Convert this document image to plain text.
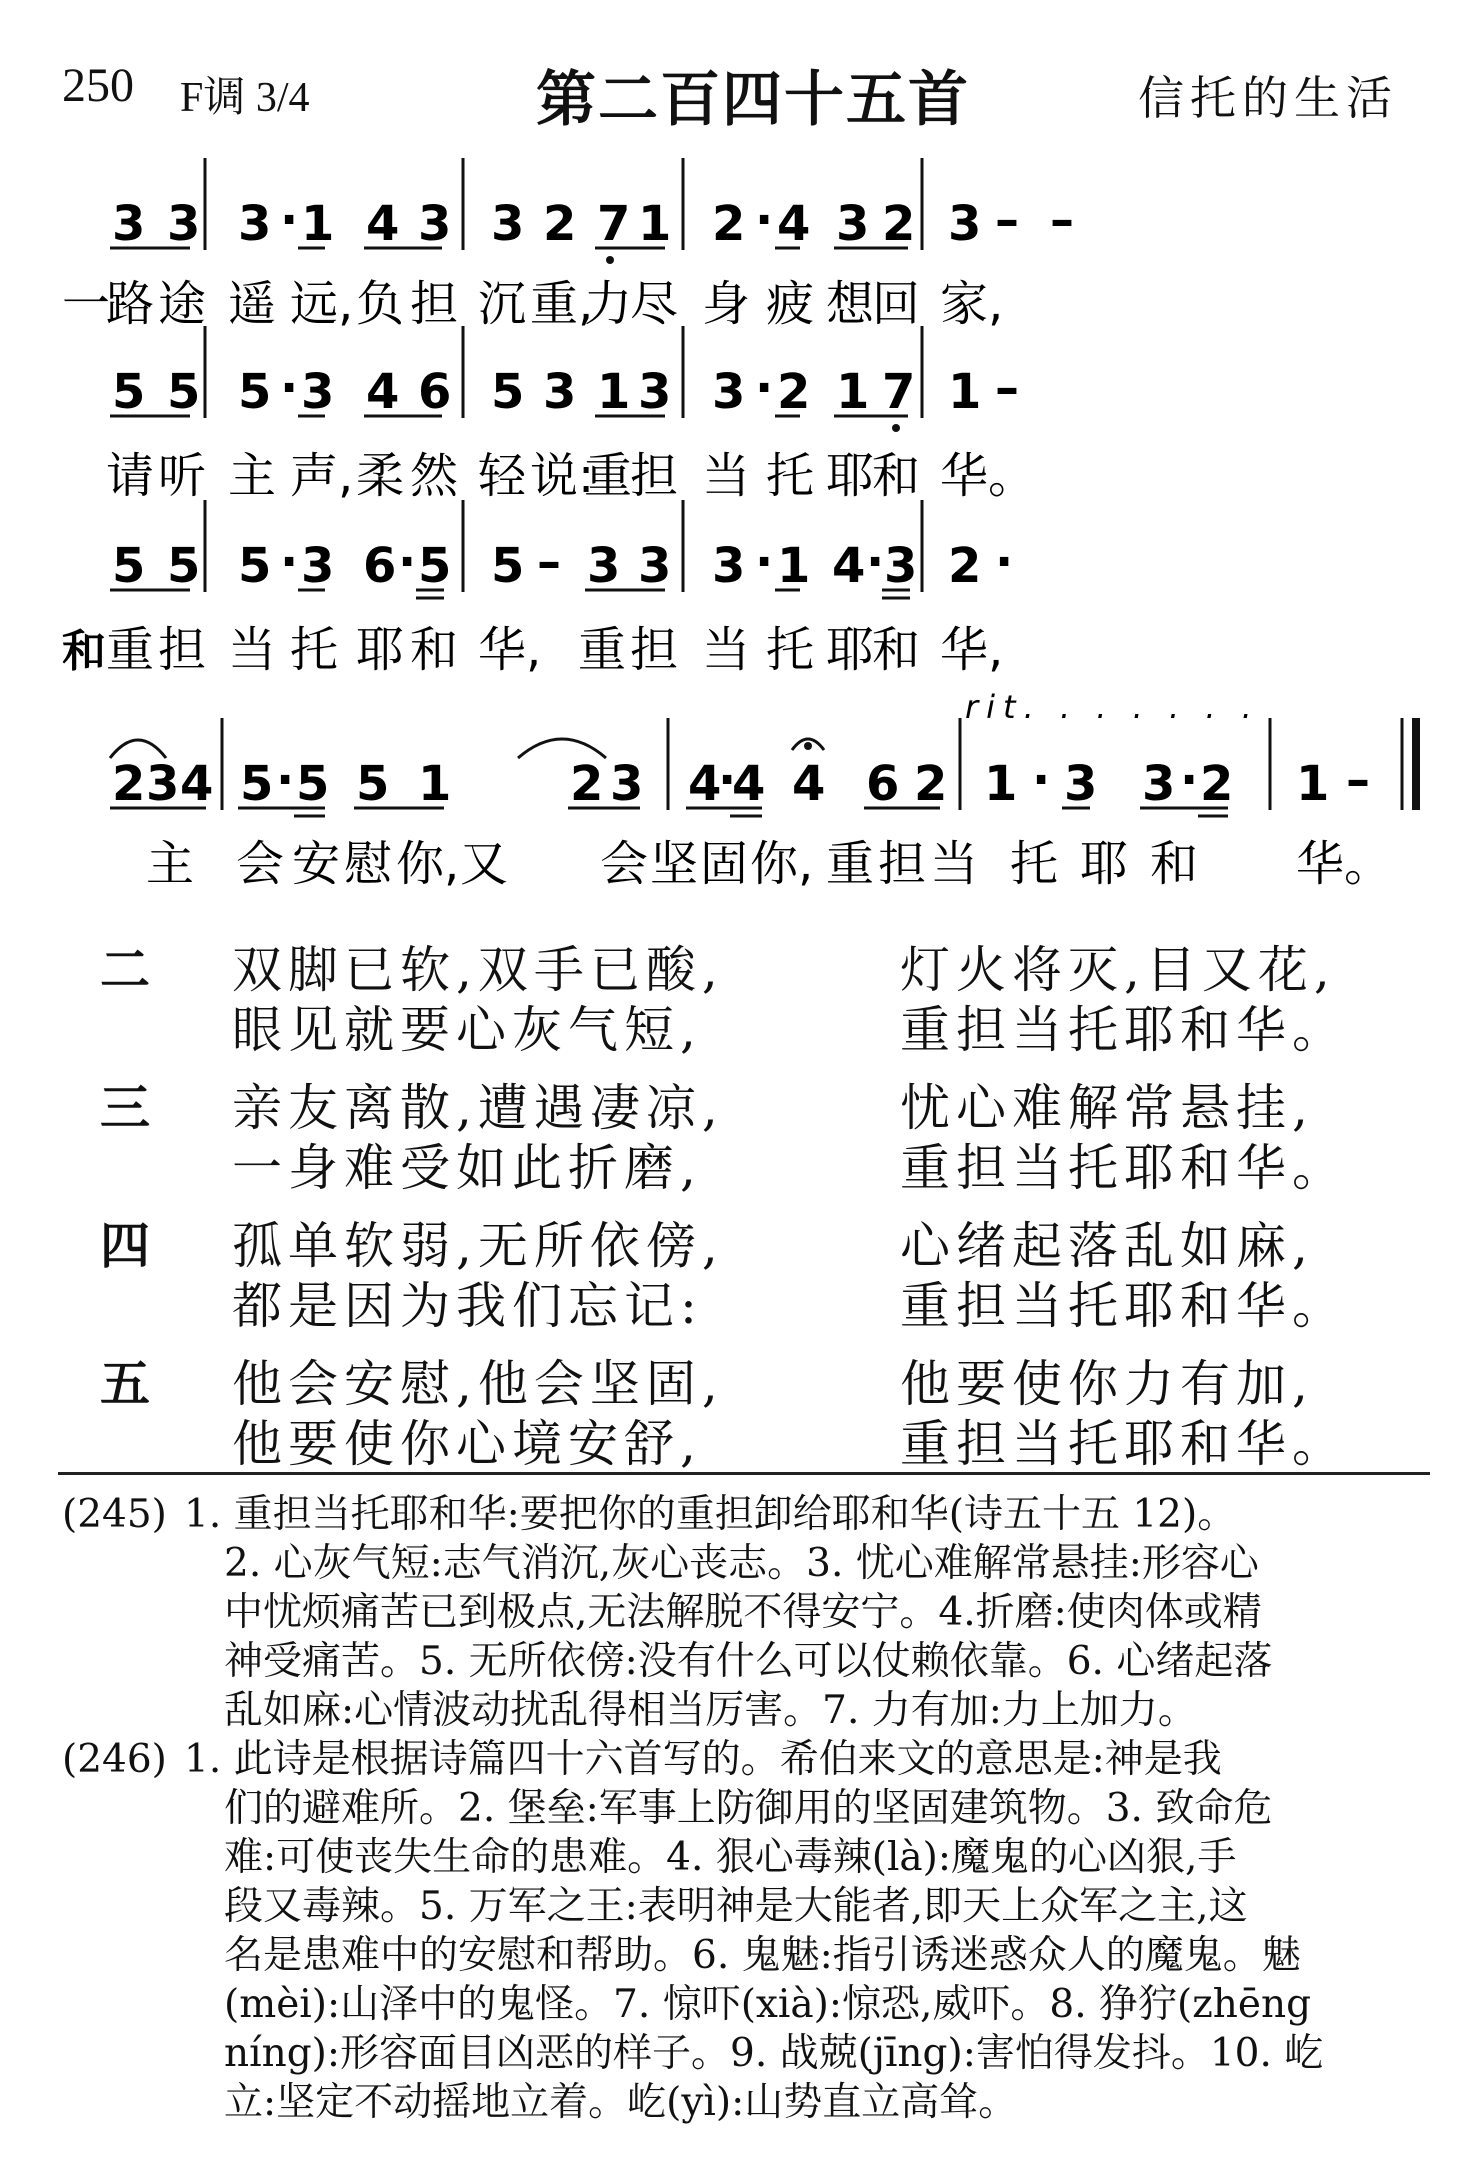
250 F调 3/4	第二百四十五首	信托的生活
3 3 3 · 1 4 3 3 2 7 1 2 · 4 3 2 3 –
一
路 途 遥 远, 负 担 沉 重,
力
尽 身 疲 想
回 家,
5 5 5 · 3 4 6 5 3 1 3 3 · 2 1 7 1 –
请 听 主 声, 柔 然 轻 说:
重
担 当 托 耶
和 华。
5 5 5 · 3 6 · 5 5 – 3 3 3 · 1 4 · 3 2 ·
和 重 担 当 托 耶 和 华, 重 担 当 托 耶
和 华,
rit. . . . . . .
2 3 4 5 · 5 5 1 2 3 4
·
4 4 6 2 1 · 3 3 · 2 1 –
主 会 安 慰 你, 又 会 坚 固 你, 重 担 当 托 耶 和 华。
–
二 双脚已软,双手已酸,	灯火将灭,目又花,
眼见就要心灰气短,	重担当托耶和华。
三 亲友离散,遭遇凄凉,	忧心难解常悬挂,
一身难受如此折磨,	重担当托耶和华。
四 孤单软弱,无所依傍,	心绪起落乱如麻,
都是因为我们忘记:	重担当托耶和华。
五 他会安慰,他会坚固,	他要使你力有加,
他要使你心境安舒,	重担当托耶和华。
(245) 1. 重担当托耶和华:要把你的重担卸给耶和华(诗五十五 12)。
2. 心灰气短:志气消沉,灰心丧志。3. 忧心难解常悬挂:形容心
中忧烦痛苦已到极点,无法解脱不得安宁。4.折磨:使肉体或精
神受痛苦。5. 无所依傍:没有什么可以仗赖依靠。6. 心绪起落
乱如麻:心情波动扰乱得相当厉害。7. 力有加:力上加力。
(246) 1. 此诗是根据诗篇四十六首写的。希伯来文的意思是:神是我
们的避难所。2. 堡垒:军事上防御用的坚固建筑物。3. 致命危
难:可使丧失生命的患难。4. 狠心毒辣(là):魔鬼的心凶狠,手
段又毒辣。5. 万军之王:表明神是大能者,即天上众军之主,这
名是患难中的安慰和帮助。6. 鬼魅:指引诱迷惑众人的魔鬼。魅
(mèi):山泽中的鬼怪。7. 惊吓(xià):惊恐,威吓。8. 狰狞(zhēng
níng):形容面目凶恶的样子。9. 战兢(jīng):害怕得发抖。10. 屹
立:坚定不动摇地立着。屹(yì):山势直立高耸。
